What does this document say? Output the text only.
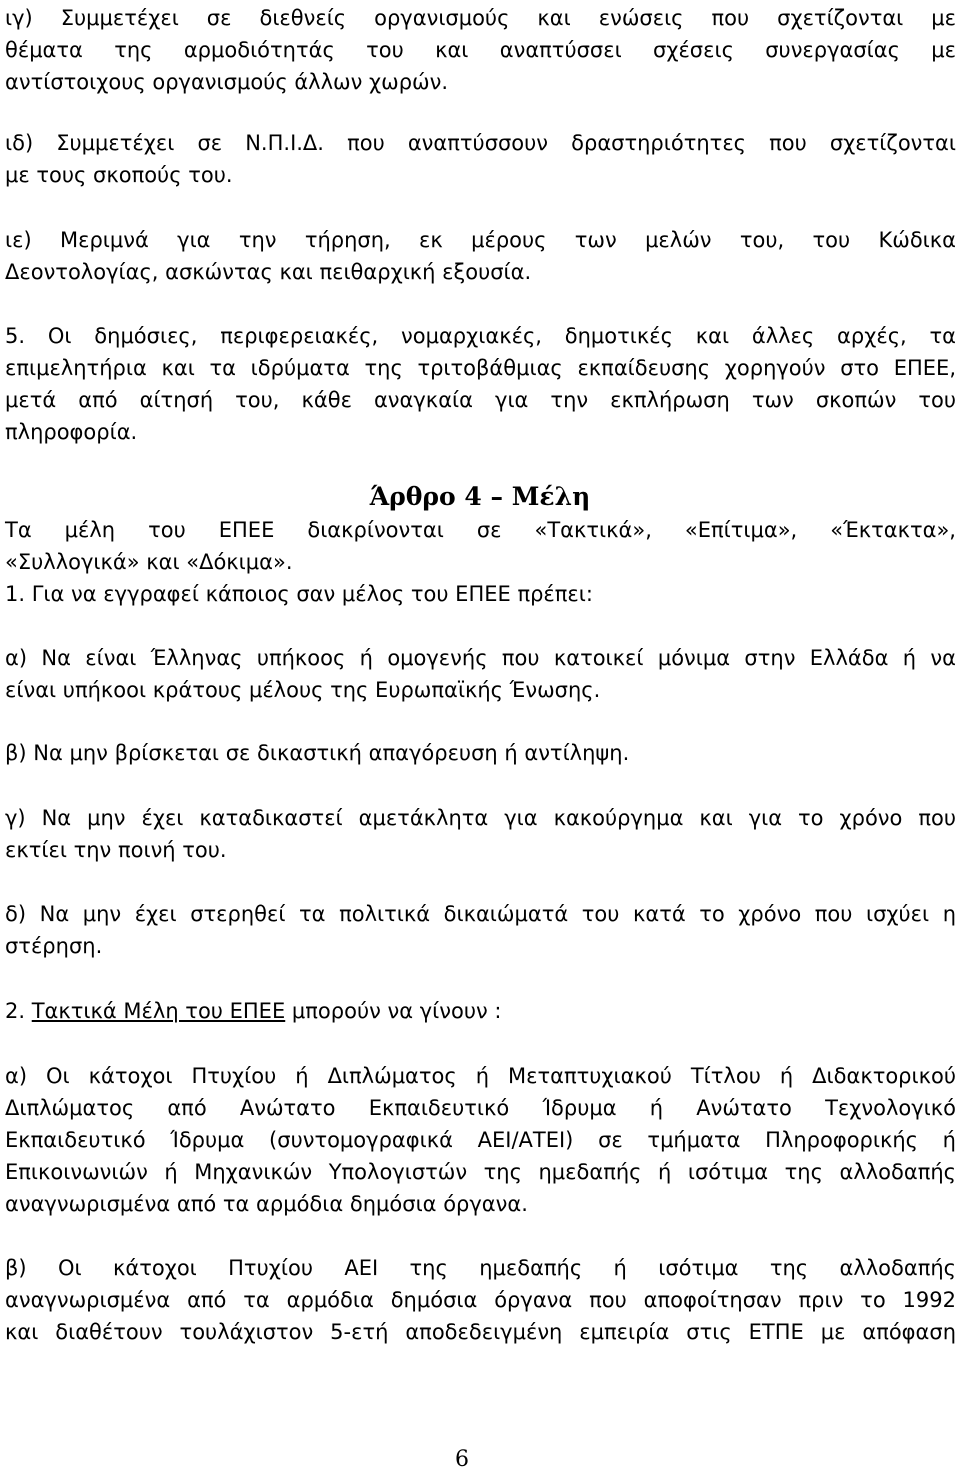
ιγ) Συμμετέχει σε διεθνείς οργανισμούς και ενώσεις που σχετίζονται με
θέματα της αρμοδιότητάς του και αναπτύσσει σχέσεις συνεργασίας με
αντίστοιχους οργανισμούς άλλων χωρών.
ιδ) Συμμετέχει σε Ν.Π.Ι.Δ. που αναπτύσσουν δραστηριότητες που σχετίζονται
με τους σκοπούς του.
ιε) Μεριμνά για την τήρηση, εκ μέρους των μελών του, του Κώδικα
Δεοντολογίας, ασκώντας και πειθαρχική εξουσία.
5. Οι δημόσιες, περιφερειακές, νομαρχιακές, δημοτικές και άλλες αρχές, τα
επιμελητήρια και τα ιδρύματα της τριτοβάθμιας εκπαίδευσης χορηγούν στο ΕΠΕΕ,
μετά από αίτησή του, κάθε αναγκαία για την εκπλήρωση των σκοπών του
πληροφορία.
Άρθρο 4 – Μέλη
Τα μέλη του ΕΠΕΕ διακρίνονται σε «Τακτικά», «Επίτιμα», «Έκτακτα»,
«Συλλογικά» και «Δόκιμα».
1. Για να εγγραφεί κάποιος σαν μέλος του ΕΠΕΕ πρέπει:
α) Να είναι Έλληνας υπήκοος ή ομογενής που κατοικεί μόνιμα στην Ελλάδα ή να
είναι υπήκοοι κράτους μέλους της Ευρωπαϊκής Ένωσης.
β) Να μην βρίσκεται σε δικαστική απαγόρευση ή αντίληψη.
γ) Να μην έχει καταδικαστεί αμετάκλητα για κακούργημα και για το χρόνο που
εκτίει την ποινή του.
δ) Να μην έχει στερηθεί τα πολιτικά δικαιώματά του κατά το χρόνο που ισχύει η
στέρηση.
2. Τακτικά Μέλη του ΕΠΕΕ μπορούν να γίνουν :
α) Οι κάτοχοι Πτυχίου ή Διπλώματος ή Μεταπτυχιακού Τίτλου ή Διδακτορικού
Διπλώματος από Ανώτατο Εκπαιδευτικό Ίδρυμα ή Ανώτατο Τεχνολογικό
Εκπαιδευτικό Ίδρυμα (συντομογραφικά ΑΕΙ/ΑΤΕΙ) σε τμήματα Πληροφορικής ή
Επικοινωνιών ή Μηχανικών Υπολογιστών της ημεδαπής ή ισότιμα της αλλοδαπής
αναγνωρισμένα από τα αρμόδια δημόσια όργανα.
β) Οι κάτοχοι Πτυχίου ΑΕΙ της ημεδαπής ή ισότιμα της αλλοδαπής
αναγνωρισμένα από τα αρμόδια δημόσια όργανα που αποφοίτησαν πριν το 1992
και διαθέτουν τουλάχιστον 5-ετή αποδεδειγμένη εμπειρία στις ΕΤΠΕ με απόφαση
6
